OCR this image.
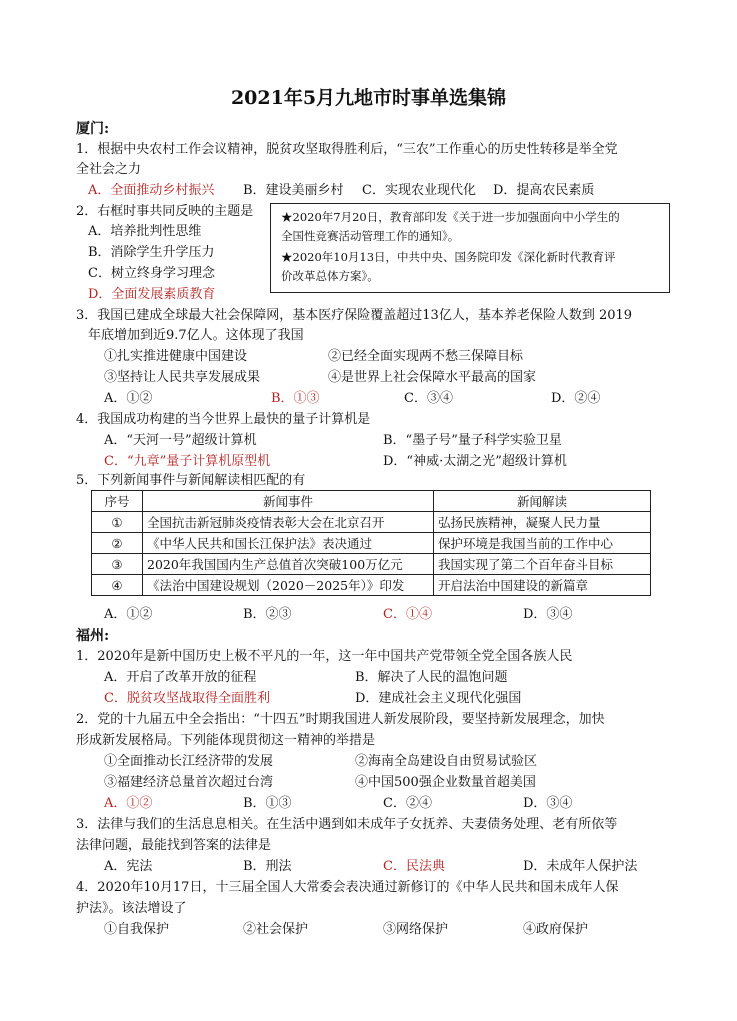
2021年5月九地市时事单选集锦
厦门:
1．根据中央农村工作会议精神，脱贫攻坚取得胜利后，“三农”工作重心的历史性转移是举全党
全社会之力
A．全面推动乡村振兴 B．建设美丽乡村 C．实现农业现代化 D．提高农民素质
2．右框时事共同反映的主题是
A．培养批判性思维
B．消除学生升学压力
C．树立终身学习理念
D．全面发展素质教育
★2020年7月20日，教育部印发《关于进一步加强面向中小学生的
全国性竞赛活动管理工作的通知》。
★2020年10月13日，中共中央、国务院印发《深化新时代教育评
价改革总体方案》。
3．我国已建成全球最大社会保障网，基本医疗保险覆盖超过13亿人，基本养老保险人数到 2019
年底增加到近9.7亿人。这体现了我国
①扎实推进健康中国建设	②已经全面实现两不愁三保障目标
③坚持让人民共享发展成果	④是世界上社会保障水平最高的国家
A．①②	B．①③	C．③④	D．②④
4．我国成功构建的当今世界上最快的量子计算机是
A．“天河一号”超级计算机	B．“墨子号”量子科学实验卫星
C．“九章”量子计算机原型机	D．“神威·太湖之光”超级计算机
5．下列新闻事件与新闻解读相匹配的有
序号	新闻事件	新闻解读
①	全国抗击新冠肺炎疫情表彰大会在北京召开	弘扬民族精神，凝聚人民力量
②	《中华人民共和国长江保护法》表决通过	保护环境是我国当前的工作中心
③	2020年我国国内生产总值首次突破100万亿元	我国实现了第二个百年奋斗目标
④	《法治中国建设规划（2020－2025年）》印发	开启法治中国建设的新篇章
A．①②	B．②③	C．①④	D．③④
福州:
1．2020年是新中国历史上极不平凡的一年，这一年中国共产党带领全党全国各族人民
A．开启了改革开放的征程	B．解决了人民的温饱问题
C．脱贫攻坚战取得全面胜利	D．建成社会主义现代化强国
2．党的十九届五中全会指出：“十四五”时期我国进人新发展阶段，要坚持新发展理念，加快
形成新发展格局。下列能体现贯彻这一精神的举措是
①全面推动长江经济带的发展	②海南全岛建设自由贸易试验区
③福建经济总量首次超过台湾	④中国500强企业数量首超美国
A．①②	B．①③	C．②④	D．③④
3．法律与我们的生活息息相关。在生活中遇到如未成年子女抚养、夫妻债务处理、老有所依等
法律问题，最能找到答案的法律是
A．宪法	B．刑法	C．民法典	D．未成年人保护法
4．2020年10月17日，十三届全国人大常委会表决通过新修订的《中华人民共和国未成年人保
护法》。该法增设了
①自我保护	②社会保护	③网络保护	④政府保护
